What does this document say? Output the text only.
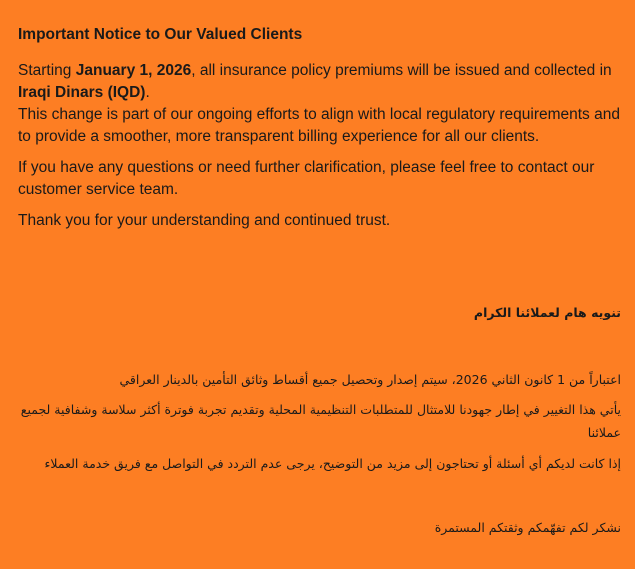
Important Notice to Our Valued Clients

Starting January 1, 2026, all insurance policy premiums will be issued and collected in Iraqi Dinars (IQD).

This change is part of our ongoing efforts to align with local regulatory requirements and to provide a smoother, more transparent billing experience for all our clients.

If you have any questions or need further clarification, please feel free to contact our customer service team.

Thank you for your understanding and continued trust.

تنويه هام لعملائنا الكرام
اعتباراً من 1 كانون الثاني 2026، سيتم إصدار وتحصيل جميع أقساط وثائق التأمين بالدينار العراقي
يأتي هذا التغيير في إطار جهودنا للامتثال للمتطلبات التنظيمية المحلية وتقديم تجربة فوترة أكثر سلاسة وشفافية لجميع عملائنا
إذا كانت لديكم أي أسئلة أو تحتاجون إلى مزيد من التوضيح، يرجى عدم التردد في التواصل مع فريق خدمة العملاء
نشكر لكم تفهّمكم وثقتكم المستمرة
